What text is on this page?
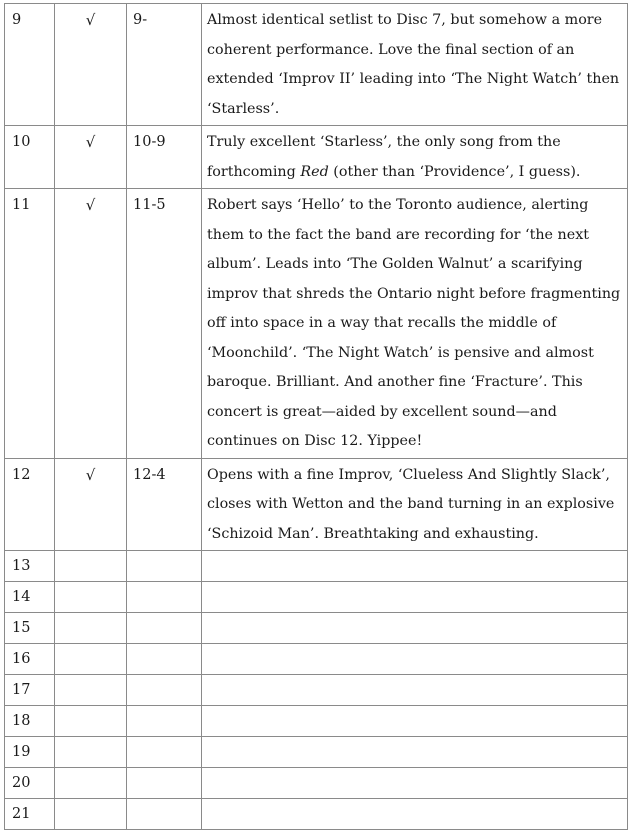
9	√	9-	Almost identical setlist to Disc 7, but somehow a more coherent performance. Love the final section of an extended ‘Improv II’ leading into ‘The Night Watch’ then ‘Starless’.
10	√	10-9	Truly excellent ‘Starless’, the only song from the forthcoming Red (other than ‘Providence’, I guess).
11	√	11-5	Robert says ‘Hello’ to the Toronto audience, alerting them to the fact the band are recording for ‘the next album’. Leads into ‘The Golden Walnut’ a scarifying improv that shreds the Ontario night before fragmenting off into space in a way that recalls the middle of ‘Moonchild’. ‘The Night Watch’ is pensive and almost baroque. Brilliant. And another fine ‘Fracture’. This concert is great—aided by excellent sound—and continues on Disc 12. Yippee!
12	√	12-4	Opens with a fine Improv, ‘Clueless And Slightly Slack’, closes with Wetton and the band turning in an explosive ‘Schizoid Man’. Breathtaking and exhausting.
13			
14			
15			
16			
17			
18			
19			
20			
21			
